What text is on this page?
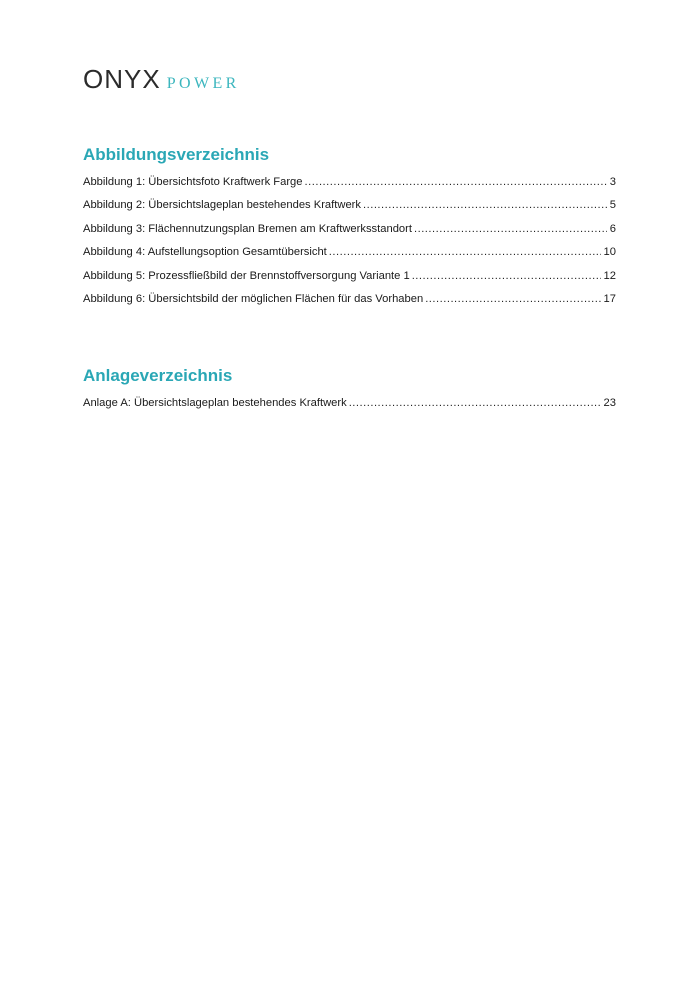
ONYX POWER
Abbildungsverzeichnis
Abbildung 1: Übersichtsfoto Kraftwerk Farge .....	3
Abbildung 2: Übersichtslageplan bestehendes Kraftwerk .....	5
Abbildung 3: Flächennutzungsplan Bremen am Kraftwerksstandort .....	6
Abbildung 4: Aufstellungsoption Gesamtübersicht .....	10
Abbildung 5: Prozessfließbild der Brennstoffversorgung Variante 1 .....	12
Abbildung 6: Übersichtsbild der möglichen Flächen für das Vorhaben .....	17
Anlageverzeichnis
Anlage A: Übersichtslageplan bestehendes Kraftwerk .....	23
